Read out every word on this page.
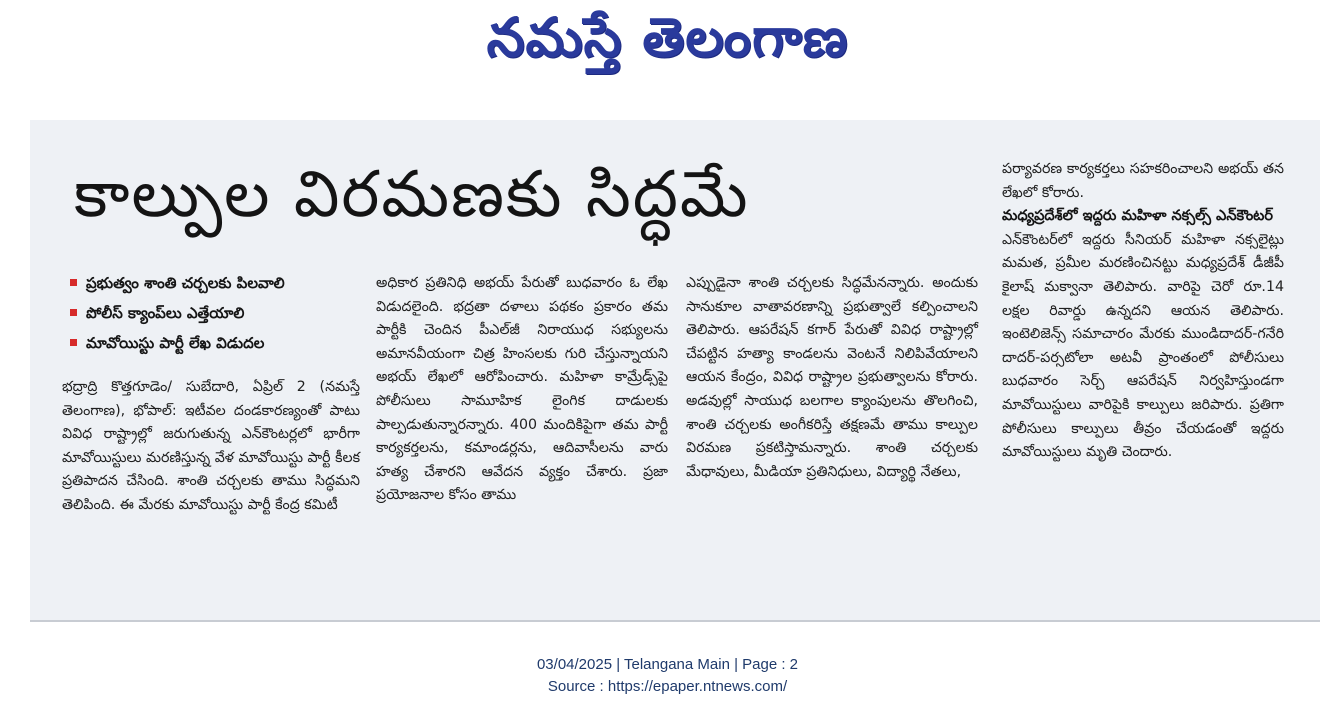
నమస్తే తెలంగాణ
కాల్పుల విరమణకు సిద్ధమే
ప్రభుత్వం శాంతి చర్చలకు పిలవాలి
పోలీస్ క్యాంప్‌లు ఎత్తేయాలి
మావోయిస్టు పార్టీ లేఖ విడుదల

భద్రాద్రి కొత్తగూడెం/ సుబేదారి, ఏప్రిల్ 2 (నమస్తే తెలంగాణ), భోపాల్: ఇటీవల దండకారణ్యంతో పాటు వివిధ రాష్ట్రాల్లో జరుగుతున్న ఎన్‌కౌంటర్లలో భారీగా మావోయిస్టులు మరణిస్తున్న వేళ మావోయిస్టు పార్టీ కీలక ప్రతిపాదన చేసింది. శాంతి చర్చలకు తాము సిద్ధమని తెలిపింది. ఈ మేరకు మావోయిస్టు పార్టీ కేంద్ర కమిటీ

అధికార ప్రతినిధి అభయ్ పేరుతో బుధవారం ఓ లేఖ విడుదలైంది. భద్రతా దళాలు పథకం ప్రకారం తమ పార్టీకి చెందిన పీఎల్‌జీ నిరాయుధ సభ్యులను అమానవీయంగా చిత్ర హింసలకు గురి చేస్తున్నాయని అభయ్ లేఖలో ఆరోపించారు. మహిళా కామ్రేడ్స్‌పై పోలీసులు సామూహిక లైంగిక దాడులకు పాల్పడుతున్నారన్నారు. 400 మందికిపైగా తమ పార్టీ కార్యకర్తలను, కమాండర్లను, ఆదివాసీలను వారు హత్య చేశారని ఆవేదన వ్యక్తం చేశారు. ప్రజా ప్రయోజనాల కోసం తాము

ఎప్పుడైనా శాంతి చర్చలకు సిద్ధమేనన్నారు. అందుకు సానుకూల వాతావరణాన్ని ప్రభుత్వాలే కల్పించాలని తెలిపారు. ఆపరేషన్ కగార్ పేరుతో వివిధ రాష్ట్రాల్లో చేపట్టిన హత్యా కాండలను వెంటనే నిలిపివేయాలని ఆయన కేంద్రం, వివిధ రాష్ట్రాల ప్రభుత్వాలను కోరారు. అడవుల్లో సాయుధ బలగాల క్యాంపులను తొలగించి, శాంతి చర్చలకు అంగీకరిస్తే తక్షణమే తాము కాల్పుల విరమణ ప్రకటిస్తామన్నారు. శాంతి చర్చలకు మేధావులు, మీడియా ప్రతినిధులు, విద్యార్థి నేతలు,

పర్యావరణ కార్యకర్తలు సహకరించాలని అభయ్ తన లేఖలో కోరారు.

మధ్యప్రదేశ్‌లో ఇద్దరు మహిళా నక్సల్స్ ఎన్‌కౌంటర్

ఎన్‌కౌంటర్‌లో ఇద్దరు సీనియర్ మహిళా నక్సలైట్లు మమత, ప్రమీల మరణించినట్టు మధ్యప్రదేశ్ డీజీపీ కైలాష్ మక్వానా తెలిపారు. వారిపై చెరో రూ.14 లక్షల రివార్డు ఉన్నదని ఆయన తెలిపారు. ఇంటెలిజెన్స్ సమాచారం మేరకు ముండిదాదర్-గనేరి దాదర్-పర్సటోలా అటవీ ప్రాంతంలో పోలీసులు బుధవారం సెర్చ్ ఆపరేషన్ నిర్వహిస్తుండగా మావోయిస్టులు వారిపైకి కాల్పులు జరిపారు. ప్రతిగా పోలీసులు కాల్పులు తీవ్రం చేయడంతో ఇద్దరు మావోయిస్టులు మృతి చెందారు.

03/04/2025 | Telangana Main | Page : 2
Source : https://epaper.ntnews.com/
